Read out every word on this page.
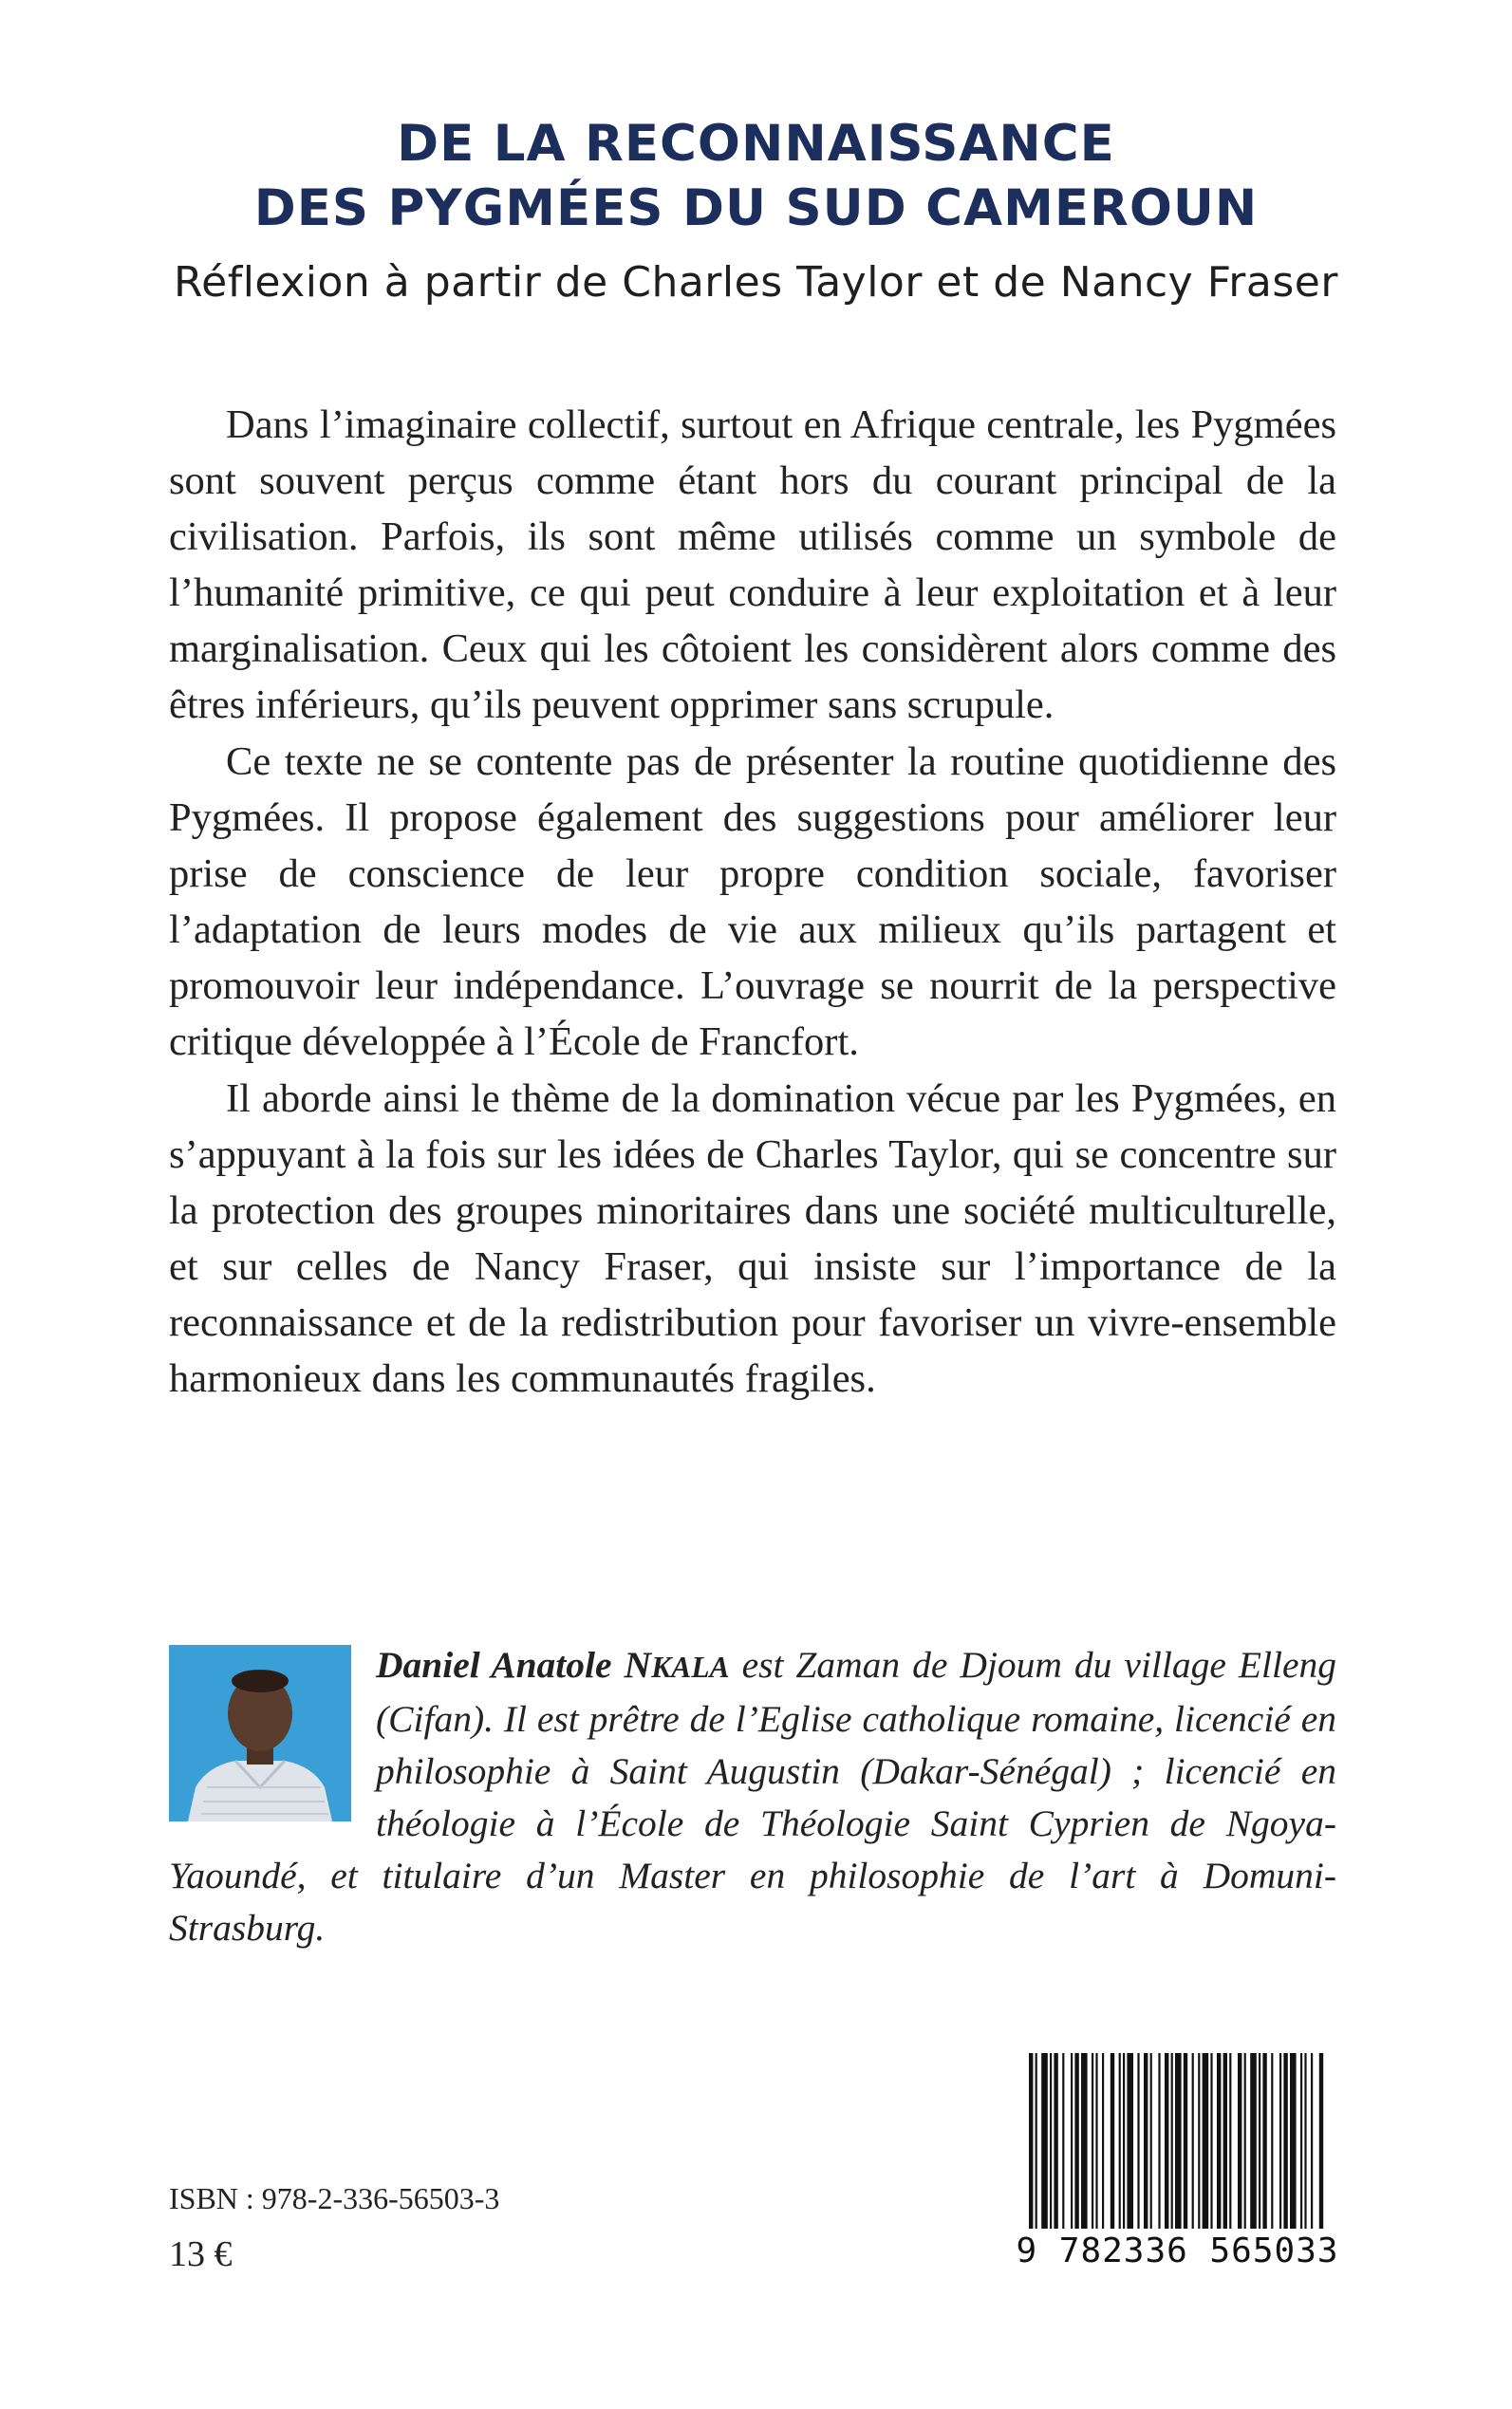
DE LA RECONNAISSANCE
DES PYGMÉES DU SUD CAMEROUN
Réflexion à partir de Charles Taylor et de Nancy Fraser

Dans l’imaginaire collectif, surtout en Afrique centrale, les Pygmées sont souvent perçus comme étant hors du courant principal de la civilisation. Parfois, ils sont même utilisés comme un symbole de l’humanité primitive, ce qui peut conduire à leur exploitation et à leur marginalisation. Ceux qui les côtoient les considèrent alors comme des êtres inférieurs, qu’ils peuvent opprimer sans scrupule.

Ce texte ne se contente pas de présenter la routine quotidienne des Pygmées. Il propose également des suggestions pour améliorer leur prise de conscience de leur propre condition sociale, favoriser l’adaptation de leurs modes de vie aux milieux qu’ils partagent et promouvoir leur indépendance. L’ouvrage se nourrit de la perspective critique développée à l’École de Francfort.

Il aborde ainsi le thème de la domination vécue par les Pygmées, en s’appuyant à la fois sur les idées de Charles Taylor, qui se concentre sur la protection des groupes minoritaires dans une société multiculturelle, et sur celles de Nancy Fraser, qui insiste sur l’importance de la reconnaissance et de la redistribution pour favoriser un vivre-ensemble harmonieux dans les communautés fragiles.

Daniel Anatole NKALA est Zaman de Djoum du village Elleng (Cifan). Il est prêtre de l’Eglise catholique romaine, licencié en philosophie à Saint Augustin (Dakar-Sénégal) ; licencié en théologie à l’École de Théologie Saint Cyprien de Ngoya-Yaoundé, et titulaire d’un Master en philosophie de l’art à Domuni-Strasburg.
ISBN : 978-2-336-56503-3
13 €	9 782336 565033
